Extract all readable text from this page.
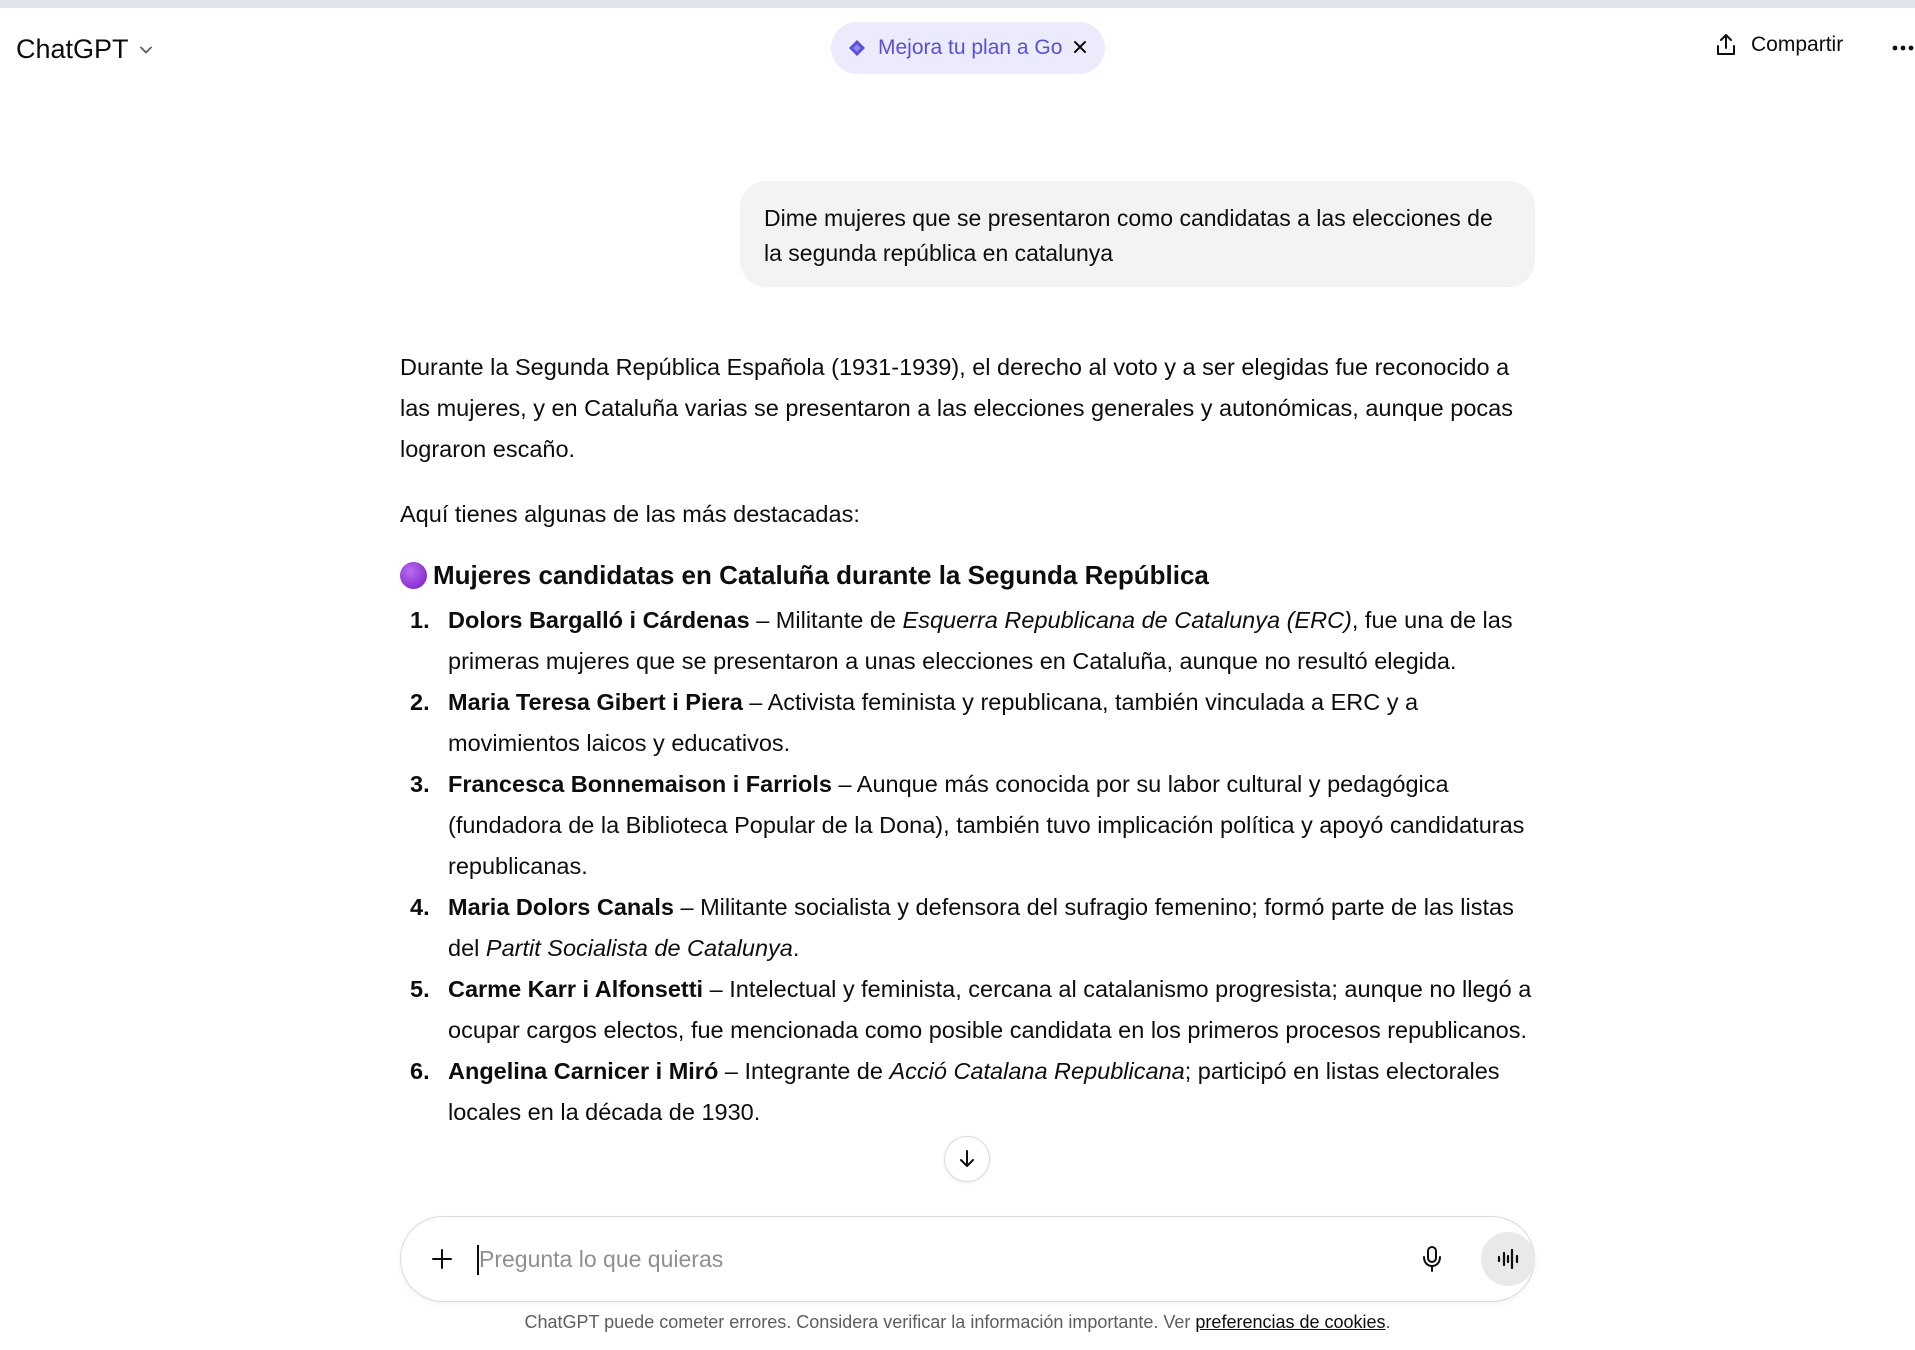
ChatGPT	Mejora tu plan a Go	Compartir
Dime mujeres que se presentaron como candidatas a las elecciones de la segunda república en catalunya

Durante la Segunda República Española (1931-1939), el derecho al voto y a ser elegidas fue reconocido a las mujeres, y en Cataluña varias se presentaron a las elecciones generales y autonómicas, aunque pocas lograron escaño.

Aquí tienes algunas de las más destacadas:

Mujeres candidatas en Cataluña durante la Segunda República
1. Dolors Bargalló i Cárdenas – Militante de Esquerra Republicana de Catalunya (ERC), fue una de las primeras mujeres que se presentaron a unas elecciones en Cataluña, aunque no resultó elegida.
2. Maria Teresa Gibert i Piera – Activista feminista y republicana, también vinculada a ERC y a movimientos laicos y educativos.
3. Francesca Bonnemaison i Farriols – Aunque más conocida por su labor cultural y pedagógica (fundadora de la Biblioteca Popular de la Dona), también tuvo implicación política y apoyó candidaturas republicanas.
4. Maria Dolors Canals – Militante socialista y defensora del sufragio femenino; formó parte de las listas del Partit Socialista de Catalunya.
5. Carme Karr i Alfonsetti – Intelectual y feminista, cercana al catalanismo progresista; aunque no llegó a ocupar cargos electos, fue mencionada como posible candidata en los primeros procesos republicanos.
6. Angelina Carnicer i Miró – Integrante de Acció Catalana Republicana; participó en listas electorales locales en la década de 1930.
Pregunta lo que quieras
ChatGPT puede cometer errores. Considera verificar la información importante. Ver preferencias de cookies.
